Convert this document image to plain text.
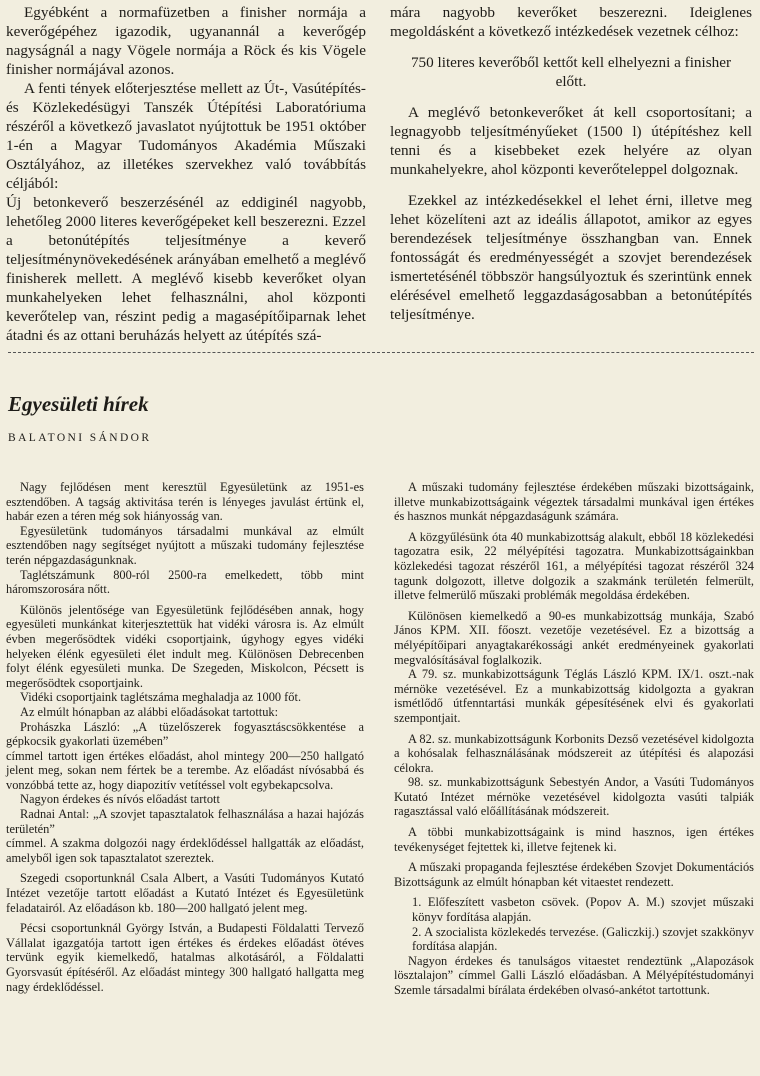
Egyébként a normafüzetben a finisher normája a keverőgépéhez igazodik, ugyanannál a keverőgép nagyságnál a nagy Vögele normája a Röck és kis Vögele finisher normájával azonos.

A fenti tények előterjesztése mellett az Út-, Vasútépítés- és Közlekedésügyi Tanszék Útépítési Laboratóriuma részéről a következő javaslatot nyújtottuk be 1951 október 1-én a Magyar Tudományos Akadémia Műszaki Osztályához, az illetékes szervekhez való továbbítás céljából:

Új betonkeverő beszerzésénél az eddiginél nagyobb, lehetőleg 2000 literes keverőgépeket kell beszerezni. Ezzel a betonútépítés teljesítménye a keverő teljesítménynövekedésének arányában emelhető a meglévő finisherek mellett. A meglévő kisebb keverőket olyan munkahelyeken lehet felhasználni, ahol központi keverőtelep van, részint pedig a magasépítőiparnak lehet átadni és az ottani beruházás helyett az útépítés szá-

mára nagyobb keverőket beszerezni. Ideiglenes megoldásként a következő intézkedések vezetnek célhoz:

750 literes keverőből kettőt kell elhelyezni a finisher előtt.

A meglévő betonkeverőket át kell csoportosítani; a legnagyobb teljesítményűeket (1500 l) útépítéshez kell tenni és a kisebbeket ezek helyére az olyan munkahelyekre, ahol központi keverőteleppel dolgoznak.

Ezekkel az intézkedésekkel el lehet érni, illetve meg lehet közelíteni azt az ideális állapotot, amikor az egyes berendezések teljesítménye összhangban van. Ennek fontosságát és eredményességét a szovjet berendezések ismertetésénél többször hangsúlyoztuk és szerintünk ennek elérésével emelhető leggazdaságosabban a betonútépítés teljesítménye.

Egyesületi hírek
BALATONI SÁNDOR

Nagy fejlődésen ment keresztül Egyesületünk az 1951-es esztendőben. A tagság aktivitása terén is lényeges javulást értünk el, habár ezen a téren még sok hiányosság van.

Egyesületünk tudományos társadalmi munkával az elmúlt esztendőben nagy segítséget nyújtott a műszaki tudomány fejlesztése terén népgazdaságunknak.

Taglétszámunk 800-ról 2500-ra emelkedett, több mint háromszorosára nőtt.

Különös jelentősége van Egyesületünk fejlődésében annak, hogy egyesületi munkánkat kiterjesztettük hat vidéki városra is. Az elmúlt évben megerősödtek vidéki csoportjaink, úgyhogy egyes vidéki helyeken élénk egyesületi élet indult meg. Különösen Debrecenben folyt élénk egyesületi munka. De Szegeden, Miskolcon, Pécsett is megerősödtek csoportjaink.

Vidéki csoportjaink taglétszáma meghaladja az 1000 főt.

Az elmúlt hónapban az alábbi előadásokat tartottuk:

Prohászka László: „A tüzelőszerek fogyasztáscsökkentése a gépkocsik gyakorlati üzemében”

címmel tartott igen értékes előadást, ahol mintegy 200—250 hallgató jelent meg, sokan nem fértek be a terembe. Az előadást nívósabbá és vonzóbbá tette az, hogy diapozitív vetítéssel volt egybekapcsolva.

Nagyon érdekes és nívós előadást tartott

Radnai Antal: „A szovjet tapasztalatok felhasználása a hazai hajózás területén”

címmel. A szakma dolgozói nagy érdeklődéssel hallgatták az előadást, amelyből igen sok tapasztalatot szereztek.

Szegedi csoportunknál Csala Albert, a Vasúti Tudományos Kutató Intézet vezetője tartott előadást a Kutató Intézet és Egyesületünk feladatairól. Az előadáson kb. 180—200 hallgató jelent meg.

Pécsi csoportunknál György István, a Budapesti Földalatti Tervező Vállalat igazgatója tartott igen értékes és érdekes előadást ötéves tervünk egyik kiemelkedő, hatalmas alkotásáról, a Földalatti Gyorsvasút építéséről. Az előadást mintegy 300 hallgató hallgatta meg nagy érdeklődéssel.

A műszaki tudomány fejlesztése érdekében műszaki bizottságaink, illetve munkabizottságaink végeztek társadalmi munkával igen értékes és hasznos munkát népgazdaságunk számára.

A közgyűlésünk óta 40 munkabizottság alakult, ebből 18 közlekedési tagozatra esik, 22 mélyépítési tagozatra. Munkabizottságainkban közlekedési tagozat részéről 161, a mélyépítési tagozat részéről 324 tagunk dolgozott, illetve dolgozik a szakmánk területén felmerült, illetve felmerülő műszaki problémák megoldása érdekében.

Különösen kiemelkedő a 90-es munkabizottság munkája, Szabó János KPM. XII. főoszt. vezetője vezetésével. Ez a bizottság a mélyépítőipari anyagtakarékossági ankét eredményeinek gyakorlati megvalósításával foglalkozik.

A 79. sz. munkabizottságunk Téglás László KPM. IX/1. oszt.-nak mérnöke vezetésével. Ez a munkabizottság kidolgozta a gyakran ismétlődő útfenntartási munkák gépesítésének elvi és gyakorlati szempontjait.

A 82. sz. munkabizottságunk Korbonits Dezső vezetésével kidolgozta a kohósalak felhasználásának módszereit az útépítési és alapozási célokra.

98. sz. munkabizottságunk Sebestyén Andor, a Vasúti Tudományos Kutató Intézet mérnöke vezetésével kidolgozta vasúti talpiák ragasztással való előállításának módszereit.

A többi munkabizottságaink is mind hasznos, igen értékes tevékenységet fejtettek ki, illetve fejtenek ki.

A műszaki propaganda fejlesztése érdekében Szovjet Dokumentációs Bizottságunk az elmúlt hónapban két vitaestet rendezett.

1. Előfeszített vasbeton csövek. (Popov A. M.) szovjet műszaki könyv fordítása alapján.

2. A szocialista közlekedés tervezése. (Galiczkij.) szovjet szakkönyv fordítása alapján.

Nagyon érdekes és tanulságos vitaestet rendeztünk „Alapozások lösztalajon” címmel Galli László előadásban. A Mélyépítéstudományi Szemle társadalmi bírálata érdekében olvasó-ankétot tartottunk.
